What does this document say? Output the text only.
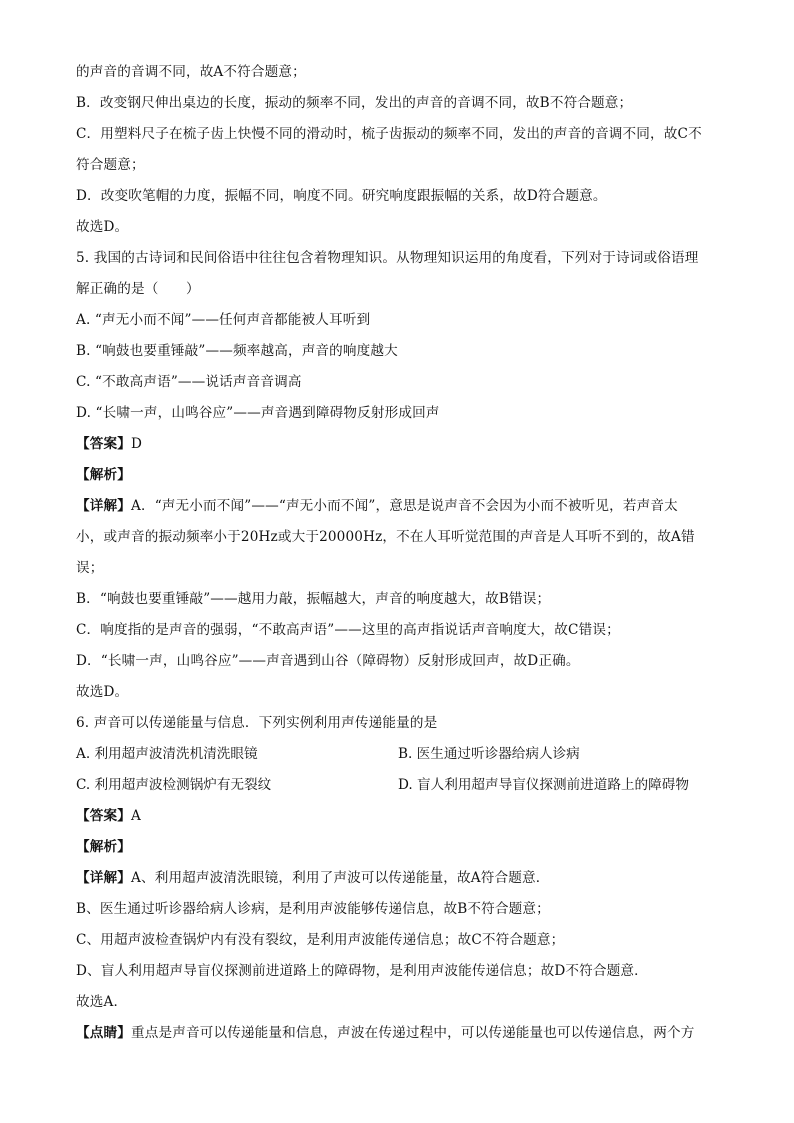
的声音的音调不同，故A不符合题意；
B．改变钢尺伸出桌边的长度，振动的频率不同，发出的声音的音调不同，故B不符合题意；
C．用塑料尺子在梳子齿上快慢不同的滑动时，梳子齿振动的频率不同，发出的声音的音调不同，故C不
符合题意；
D．改变吹笔帽的力度，振幅不同，响度不同。研究响度跟振幅的关系，故D符合题意。
故选D。
5. 我国的古诗词和民间俗语中往往包含着物理知识。从物理知识运用的角度看，下列对于诗词或俗语理
解正确的是（　　）
A. “声无小而不闻”——任何声音都能被人耳听到
B. “响鼓也要重锤敲”——频率越高，声音的响度越大
C. “不敢高声语”——说话声音音调高
D. “长啸一声，山鸣谷应”——声音遇到障碍物反射形成回声
【答案】D
【解析】
【详解】A．“声无小而不闻”——“声无小而不闻”，意思是说声音不会因为小而不被听见，若声音太
小，或声音的振动频率小于20Hz或大于20000Hz，不在人耳听觉范围的声音是人耳听不到的，故A错
误；
B．“响鼓也要重锤敲”——越用力敲，振幅越大，声音的响度越大，故B错误；
C．响度指的是声音的强弱，“不敢高声语”——这里的高声指说话声音响度大，故C错误；
D．“长啸一声，山鸣谷应”——声音遇到山谷（障碍物）反射形成回声，故D正确。
故选D。
6. 声音可以传递能量与信息．下列实例利用声传递能量的是
A. 利用超声波清洗机清洗眼镜	B. 医生通过听诊器给病人诊病
C. 利用超声波检测锅炉有无裂纹	D. 盲人利用超声导盲仪探测前进道路上的障碍物
【答案】A
【解析】
【详解】A、利用超声波清洗眼镜，利用了声波可以传递能量，故A符合题意．
B、医生通过听诊器给病人诊病，是利用声波能够传递信息，故B不符合题意；
C、用超声波检查锅炉内有没有裂纹，是利用声波能传递信息；故C不符合题意；
D、盲人利用超声导盲仪探测前进道路上的障碍物，是利用声波能传递信息；故D不符合题意．
故选A．
【点睛】重点是声音可以传递能量和信息，声波在传递过程中，可以传递能量也可以传递信息，两个方
